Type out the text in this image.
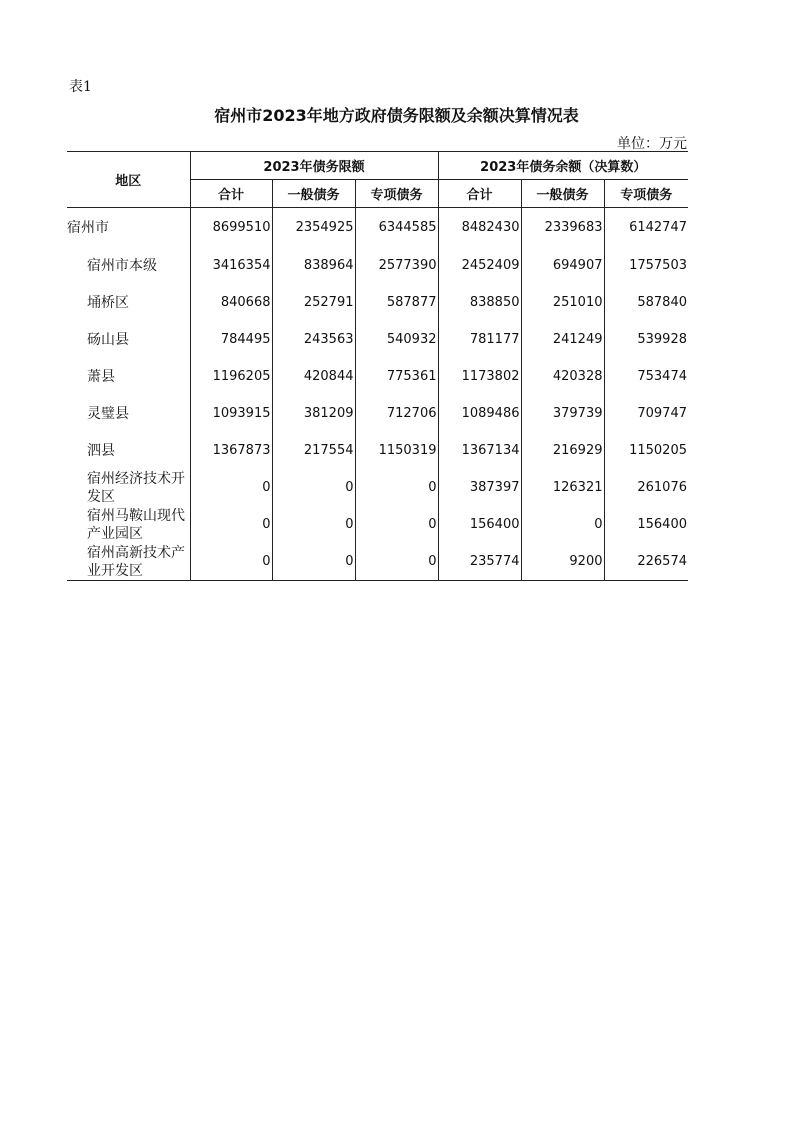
表1
宿州市2023年地方政府债务限额及余额决算情况表
单位：万元
地区	2023年债务限额			2023年债务余额（决算数）		
	合计	一般债务	专项债务	合计	一般债务	专项债务
宿州市	8699510	2354925	6344585	8482430	2339683	6142747
宿州市本级	3416354	838964	2577390	2452409	694907	1757503
埇桥区	840668	252791	587877	838850	251010	587840
砀山县	784495	243563	540932	781177	241249	539928
萧县	1196205	420844	775361	1173802	420328	753474
灵璧县	1093915	381209	712706	1089486	379739	709747
泗县	1367873	217554	1150319	1367134	216929	1150205
宿州经济技术开发区	0	0	0	387397	126321	261076
宿州马鞍山现代产业园区	0	0	0	156400	0	156400
宿州高新技术产业开发区	0	0	0	235774	9200	226574
